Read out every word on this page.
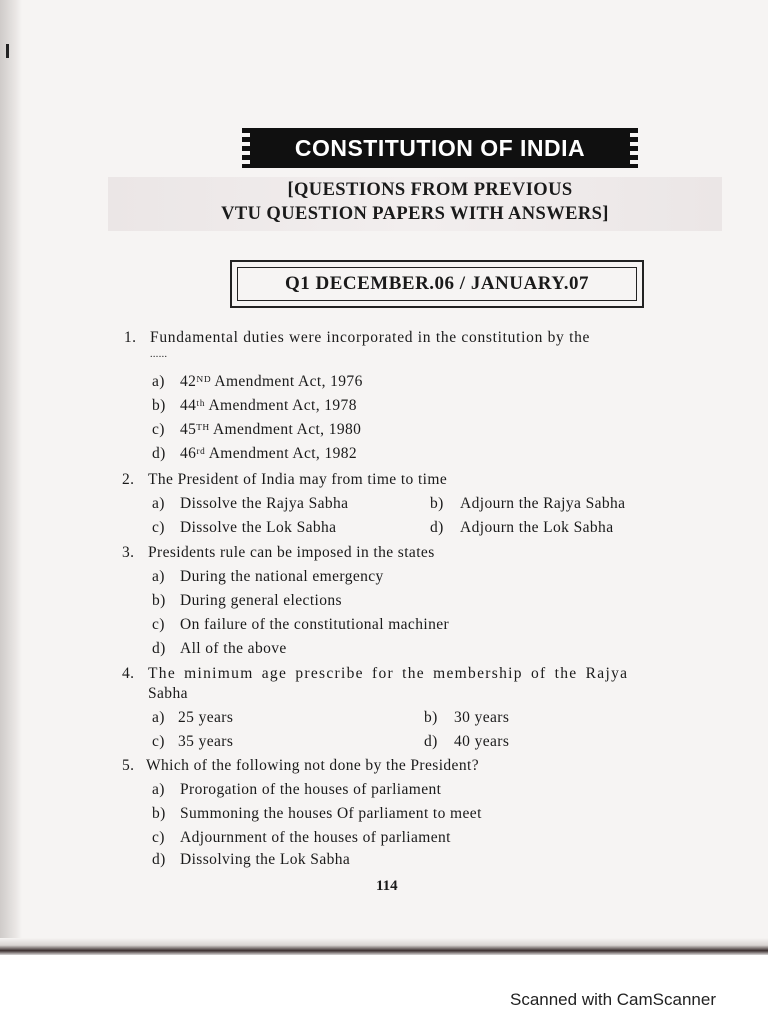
CONSTITUTION OF INDIA
[QUESTIONS FROM PREVIOUS
VTU QUESTION PAPERS WITH ANSWERS]
Q1 DECEMBER.06 / JANUARY.07
1. Fundamental duties were incorporated in the constitution by the
......
a) 42ᴺᴰ Amendment Act, 1976
b) 44ᵗʰ Amendment Act, 1978
c) 45ᵀᴴ Amendment Act, 1980
d) 46ʳᵈ Amendment Act, 1982
2. The President of India may from time to time
a) Dissolve the Rajya Sabha	b) Adjourn the Rajya Sabha
c) Dissolve the Lok Sabha	d) Adjourn the Lok Sabha
3. Presidents rule can be imposed in the states
a) During the national emergency
b) During general elections
c) On failure of the constitutional machiner
d) All of the above
4. The minimum age prescribe for the membership of the Rajya
Sabha
a) 25 years	b) 30 years
c) 35 years	d) 40 years
5. Which of the following not done by the President?
a) Prorogation of the houses of parliament
b) Summoning the houses Of parliament to meet
c) Adjournment of the houses of parliament
d) Dissolving the Lok Sabha
114
Scanned with CamScanner
